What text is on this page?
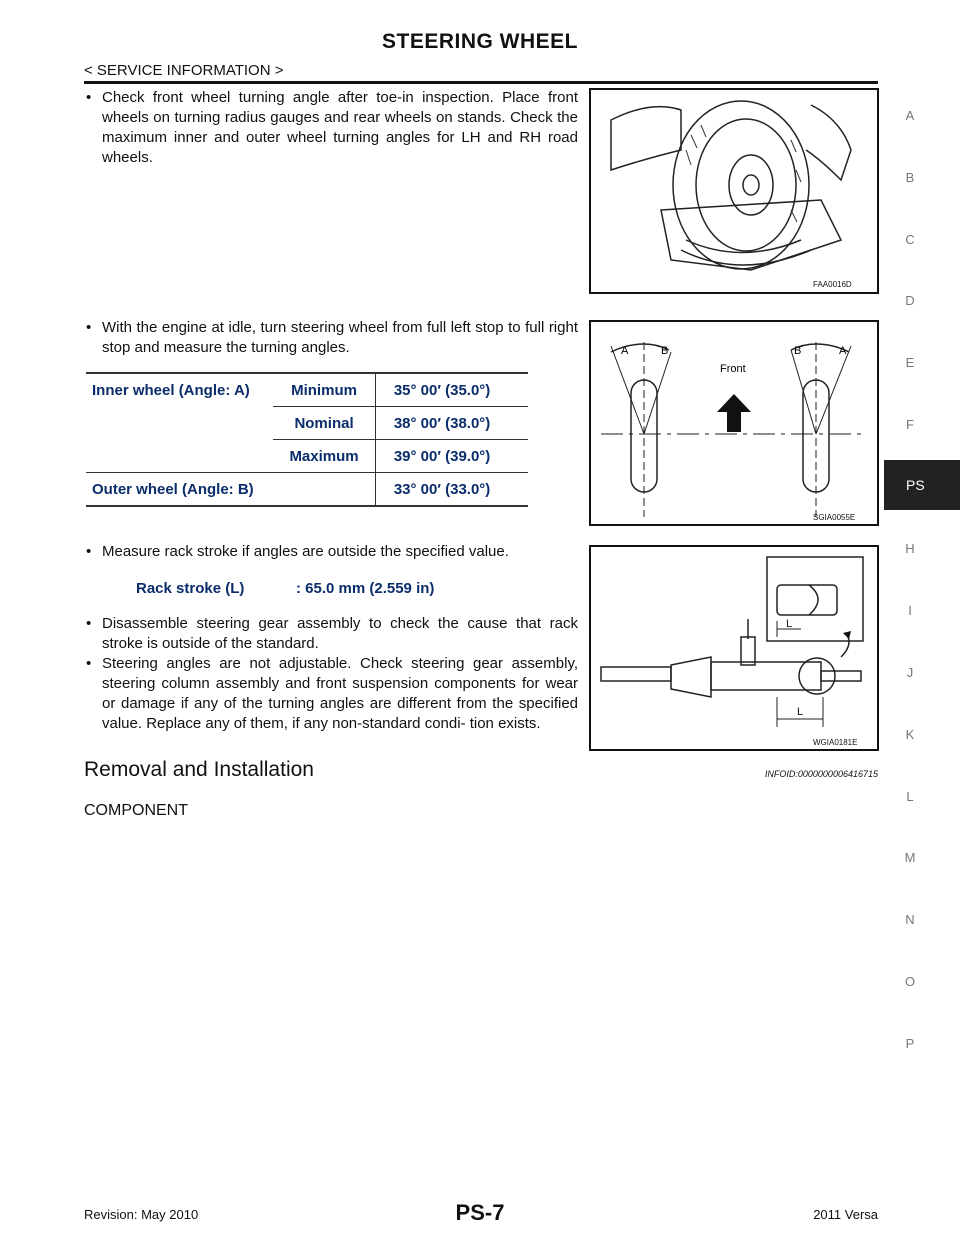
STEERING WHEEL
< SERVICE INFORMATION >
A
B
C
D
E
F
PS
H
I
J
K
L
M
N
O
P
• Check front wheel turning angle after toe-in inspection. Place front wheels on turning radius gauges and rear wheels on stands. Check the maximum inner and outer wheel turning angles for LH and RH road wheels.
FAA0016D
• With the engine at idle, turn steering wheel from full left stop to full right stop and measure the turning angles.
Inner wheel (Angle: A)	Minimum	35° 00′ (35.0°)
	Nominal	38° 00′ (38.0°)
	Maximum	39° 00′ (39.0°)
Outer wheel (Angle: B)		33° 00′ (33.0°)
A	B	B	A
Front
SGIA0055E
• Measure rack stroke if angles are outside the specified value.
Rack stroke (L)	: 65.0 mm (2.559 in)
• Disassemble steering gear assembly to check the cause that rack stroke is outside of the standard.
• Steering angles are not adjustable. Check steering gear assembly, steering column assembly and front suspension components for wear or damage if any of the turning angles are different from the specified value. Replace any of them, if any non-standard condi- tion exists.
L
L
WGIA0181E
Removal and Installation	INFOID:0000000006416715
COMPONENT
Revision: May 2010	PS-7	2011 Versa
